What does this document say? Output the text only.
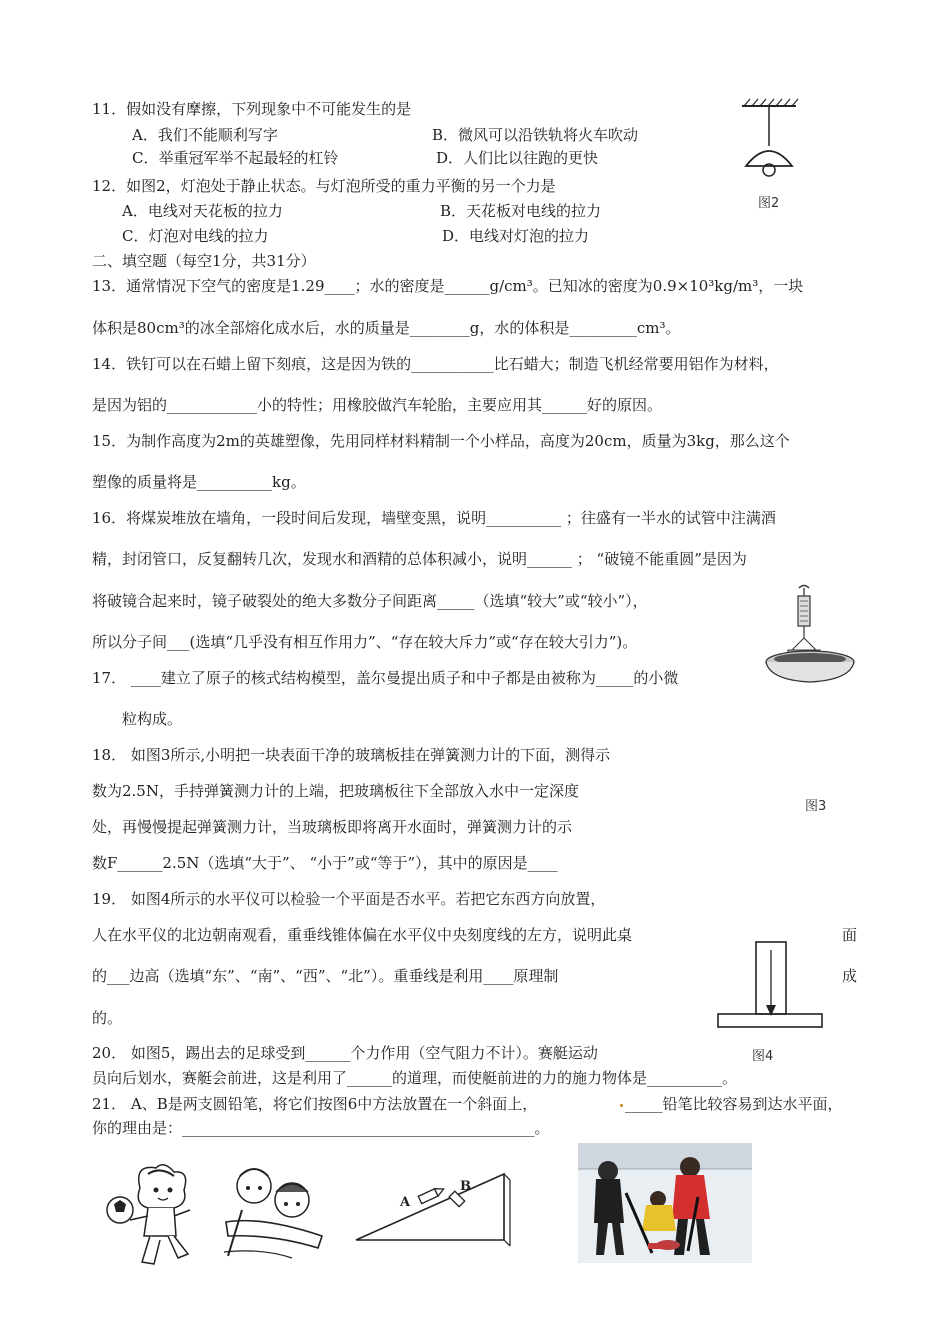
11．假如没有摩擦，下列现象中不可能发生的是
A．我们不能顺利写字	B．微风可以沿铁轨将火车吹动
C．举重冠军举不起最轻的杠铃	D．人们比以往跑的更快
图2
12．如图2，灯泡处于静止状态。与灯泡所受的重力平衡的另一个力是
A．电线对天花板的拉力	B．天花板对电线的拉力
C．灯泡对电线的拉力	D．电线对灯泡的拉力
二、填空题（每空1分，共31分）
13．通常情况下空气的密度是1.29____；水的密度是______g/cm³。已知冰的密度为0.9×10³kg/m³，一块
体积是80cm³的冰全部熔化成水后，水的质量是________g，水的体积是_________cm³。
14．铁钉可以在石蜡上留下刻痕，这是因为铁的___________比石蜡大；制造飞机经常要用铝作为材料，
是因为铝的____________小的特性；用橡胶做汽车轮胎，主要应用其______好的原因。
15．为制作高度为2m的英雄塑像，先用同样材料精制一个小样品，高度为20cm，质量为3kg，那么这个
塑像的质量将是__________kg。
16．将煤炭堆放在墙角，一段时间后发现，墙壁变黑，说明__________ ；往盛有一半水的试管中注满酒
精，封闭管口，反复翻转几次，发现水和酒精的总体积减小，说明______ ； “破镜不能重圆”是因为
将破镜合起来时，镜子破裂处的绝大多数分子间距离_____（选填“较大”或“较小”），
所以分子间___(选填“几乎没有相互作用力”、“存在较大斥力”或“存在较大引力”)。
17． ____建立了原子的核式结构模型，盖尔曼提出质子和中子都是由被称为_____的小微
粒构成。
18． 如图3所示,小明把一块表面干净的玻璃板挂在弹簧测力计的下面，测得示
数为2.5N，手持弹簧测力计的上端，把玻璃板往下全部放入水中一定深度
处，再慢慢提起弹簧测力计，当玻璃板即将离开水面时，弹簧测力计的示
数F______2.5N（选填“大于”、 “小于”或“等于”），其中的原因是____
图3
19． 如图4所示的水平仪可以检验一个平面是否水平。若把它东西方向放置，
人在水平仪的北边朝南观看，重垂线锥体偏在水平仪中央刻度线的左方，说明此桌	面
的___边高（选填“东”、“南”、“西”、“北”）。重垂线是利用____原理制	成
的。
图4
20． 如图5，踢出去的足球受到______个力作用（空气阻力不计）。赛艇运动
员向后划水，赛艇会前进，这是利用了______的道理，而使艇前进的力的施力物体是__________。
21． A、B是两支圆铅笔，将它们按图6中方法放置在一个斜面上，	_____铅笔比较容易到达水平面，
你的理由是：_______________________________________________。
A
B
